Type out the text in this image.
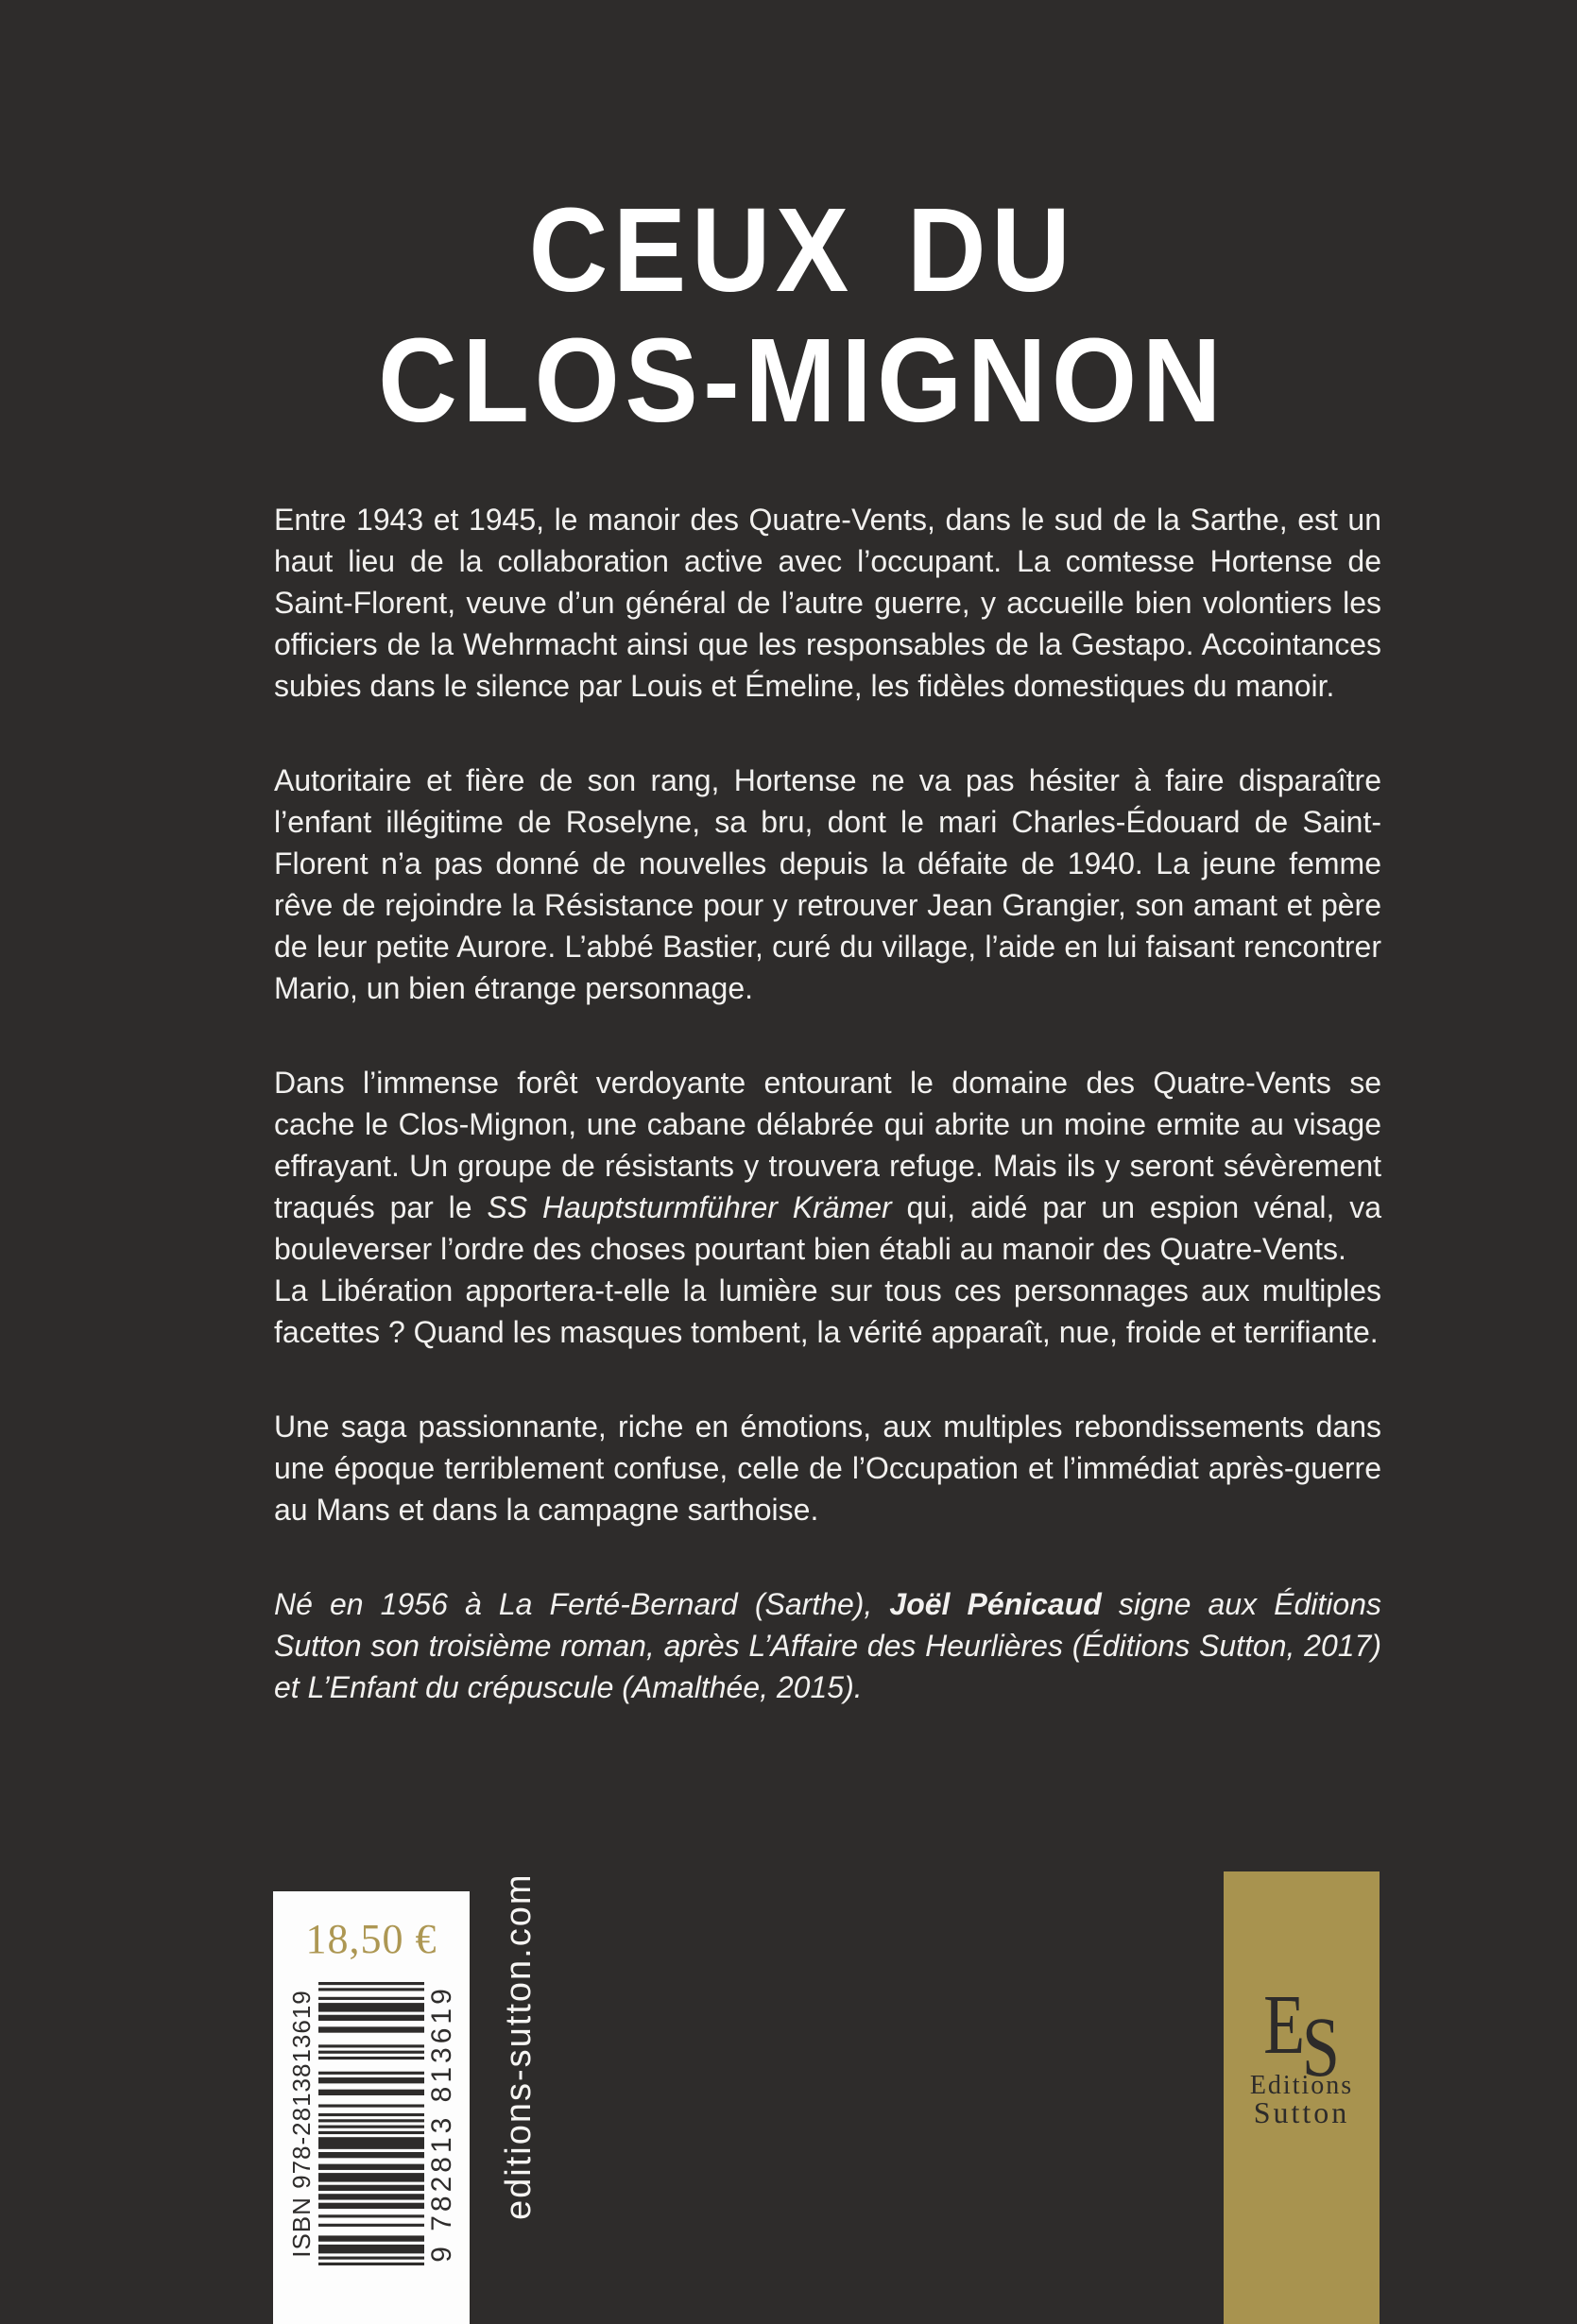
CEUX DU
CLOS-MIGNON

Entre 1943 et 1945, le manoir des Quatre-Vents, dans le sud de la Sarthe, est un haut lieu de la collaboration active avec l’occupant. La comtesse Hortense de Saint-Florent, veuve d’un général de l’autre guerre, y accueille bien volontiers les officiers de la Wehrmacht ainsi que les responsables de la Gestapo. Accointances subies dans le silence par Louis et Émeline, les fidèles domestiques du manoir.

Autoritaire et fière de son rang, Hortense ne va pas hésiter à faire disparaître l’enfant illégitime de Roselyne, sa bru, dont le mari Charles-Édouard de Saint-Florent n’a pas donné de nouvelles depuis la défaite de 1940. La jeune femme rêve de rejoindre la Résistance pour y retrouver Jean Grangier, son amant et père de leur petite Aurore. L’abbé Bastier, curé du village, l’aide en lui faisant rencontrer Mario, un bien étrange personnage.

Dans l’immense forêt verdoyante entourant le domaine des Quatre-Vents se cache le Clos-Mignon, une cabane délabrée qui abrite un moine ermite au visage effrayant. Un groupe de résistants y trouvera refuge. Mais ils y seront sévèrement traqués par le SS Hauptsturmführer Krämer qui, aidé par un espion vénal, va bouleverser l’ordre des choses pourtant bien établi au manoir des Quatre-Vents.

La Libération apportera-t-elle la lumière sur tous ces personnages aux multiples facettes ? Quand les masques tombent, la vérité apparaît, nue, froide et terrifiante.

Une saga passionnante, riche en émotions, aux multiples rebondissements dans une époque terriblement confuse, celle de l’Occupation et l’immédiat après-guerre au Mans et dans la campagne sarthoise.

Né en 1956 à La Ferté-Bernard (Sarthe), Joël Pénicaud signe aux Éditions Sutton son troisième roman, après L’Affaire des Heurlières (Éditions Sutton, 2017) et L’Enfant du crépuscule (Amalthée, 2015).

18,50 €
ISBN 978-2813813619	9 782813 813619 editions-sutton.com	ES
Editions
Sutton
